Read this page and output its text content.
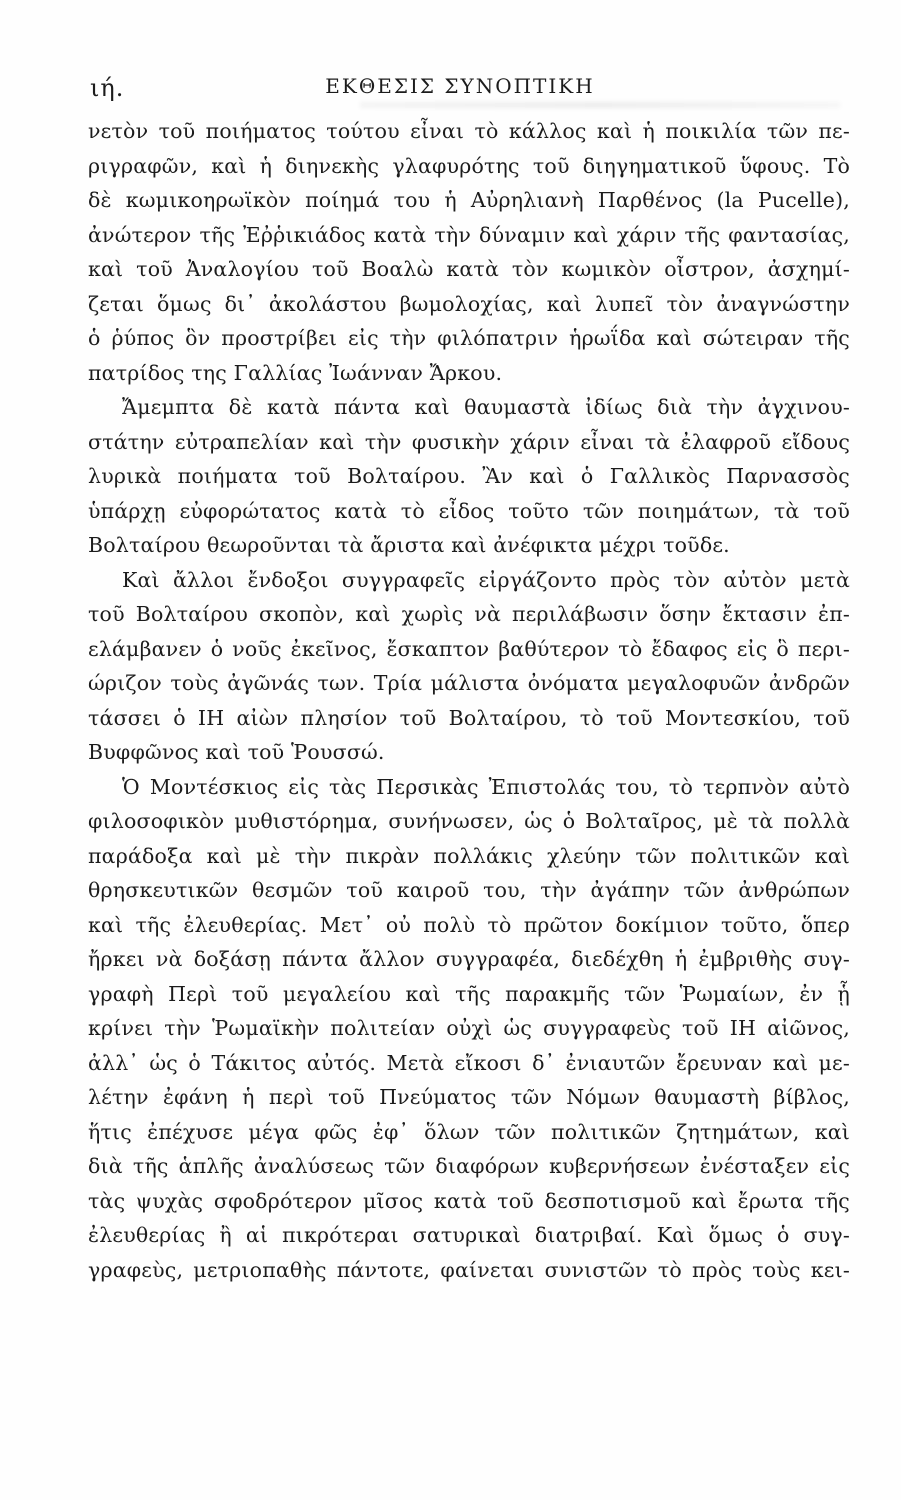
ιή.	ΕΚΘΕΣΙΣ ΣΥΝΟΠΤΙΚΗ
νετὸν τοῦ ποιήματος τούτου εἶναι τὸ κάλλος καὶ ἡ ποικιλία τῶν πε-
ριγραφῶν, καὶ ἡ διηνεκὴς γλαφυρότης τοῦ διηγηματικοῦ ὕφους. Τὸ
δὲ κωμικοηρωϊκὸν ποίημά του ἡ Αὐρηλιανὴ Παρθένος (la Pucelle),
ἀνώτερον τῆς Ἐῤῥικιάδος κατὰ τὴν δύναμιν καὶ χάριν τῆς φαντασίας,
καὶ τοῦ Ἀναλογίου τοῦ Βοαλὼ κατὰ τὸν κωμικὸν οἶστρον, ἀσχημί-
ζεται ὅμως δι᾿ ἀκολάστου βωμολοχίας, καὶ λυπεῖ τὸν ἀναγνώστην
ὁ ῥύπος ὃν προστρίβει εἰς τὴν φιλόπατριν ἡρωΐδα καὶ σώτειραν τῆς
πατρίδος της Γαλλίας Ἰωάνναν Ἄρκου.
Ἄμεμπτα δὲ κατὰ πάντα καὶ θαυμαστὰ ἰδίως διὰ τὴν ἀγχινου-
στάτην εὐτραπελίαν καὶ τὴν φυσικὴν χάριν εἶναι τὰ ἐλαφροῦ εἴδους
λυρικὰ ποιήματα τοῦ Βολταίρου. Ἂν καὶ ὁ Γαλλικὸς Παρνασσὸς
ὑπάρχῃ εὐφορώτατος κατὰ τὸ εἶδος τοῦτο τῶν ποιημάτων, τὰ τοῦ
Βολταίρου θεωροῦνται τὰ ἄριστα καὶ ἀνέφικτα μέχρι τοῦδε.
Καὶ ἄλλοι ἔνδοξοι συγγραφεῖς εἰργάζοντο πρὸς τὸν αὐτὸν μετὰ
τοῦ Βολταίρου σκοπὸν, καὶ χωρὶς νὰ περιλάβωσιν ὅσην ἔκτασιν ἐπ-
ελάμβανεν ὁ νοῦς ἐκεῖνος, ἔσκαπτον βαθύτερον τὸ ἔδαφος εἰς ὃ περι-
ώριζον τοὺς ἀγῶνάς των. Τρία μάλιστα ὀνόματα μεγαλοφυῶν ἀνδρῶν
τάσσει ὁ ΙΗ αἰὼν πλησίον τοῦ Βολταίρου, τὸ τοῦ Μοντεσκίου, τοῦ
Βυφφῶνος καὶ τοῦ Ῥουσσώ.
Ὁ Μοντέσκιος εἰς τὰς Περσικὰς Ἐπιστολάς του, τὸ τερπνὸν αὐτὸ
φιλοσοφικὸν μυθιστόρημα, συνήνωσεν, ὡς ὁ Βολταῖρος, μὲ τὰ πολλὰ
παράδοξα καὶ μὲ τὴν πικρὰν πολλάκις χλεύην τῶν πολιτικῶν καὶ
θρησκευτικῶν θεσμῶν τοῦ καιροῦ του, τὴν ἀγάπην τῶν ἀνθρώπων
καὶ τῆς ἐλευθερίας. Μετ᾿ οὐ πολὺ τὸ πρῶτον δοκίμιον τοῦτο, ὅπερ
ἤρκει νὰ δοξάσῃ πάντα ἄλλον συγγραφέα, διεδέχθη ἡ ἐμβριθὴς συγ-
γραφὴ Περὶ τοῦ μεγαλείου καὶ τῆς παρακμῆς τῶν Ῥωμαίων, ἐν ᾗ
κρίνει τὴν Ῥωμαϊκὴν πολιτείαν οὐχὶ ὡς συγγραφεὺς τοῦ ΙΗ αἰῶνος,
ἀλλ᾿ ὡς ὁ Τάκιτος αὐτός. Μετὰ εἴκοσι δ᾿ ἐνιαυτῶν ἔρευναν καὶ με-
λέτην ἐφάνη ἡ περὶ τοῦ Πνεύματος τῶν Νόμων θαυμαστὴ βίβλος,
ἥτις ἐπέχυσε μέγα φῶς ἐφ᾿ ὅλων τῶν πολιτικῶν ζητημάτων, καὶ
διὰ τῆς ἁπλῆς ἀναλύσεως τῶν διαφόρων κυβερνήσεων ἐνέσταξεν εἰς
τὰς ψυχὰς σφοδρότερον μῖσος κατὰ τοῦ δεσποτισμοῦ καὶ ἔρωτα τῆς
ἐλευθερίας ἢ αἱ πικρότεραι σατυρικαὶ διατριβαί. Καὶ ὅμως ὁ συγ-
γραφεὺς, μετριοπαθὴς πάντοτε, φαίνεται συνιστῶν τὸ πρὸς τοὺς κει-
